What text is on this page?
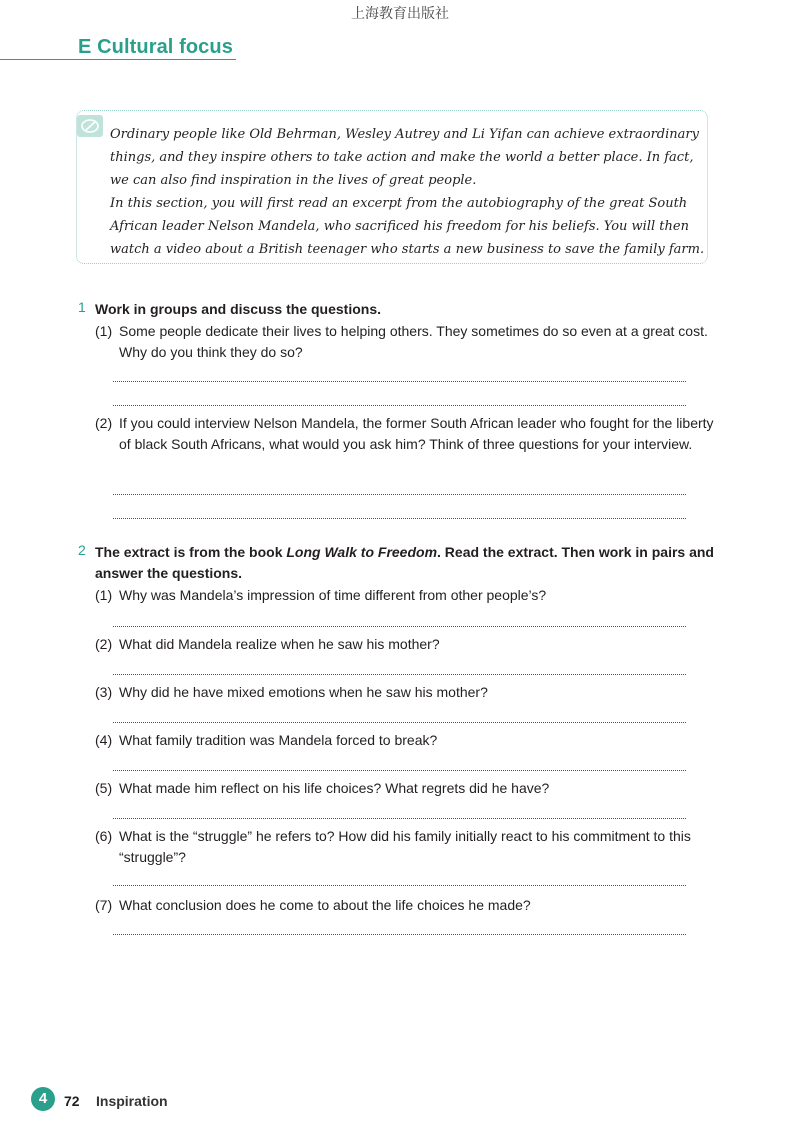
上海教育出版社
E Cultural focus

Ordinary people like Old Behrman, Wesley Autrey and Li Yifan can achieve extraordinary things, and they inspire others to take action and make the world a better place. In fact, we can also find inspiration in the lives of great people.

In this section, you will first read an excerpt from the autobiography of the great South African leader Nelson Mandela, who sacrificed his freedom for his beliefs. You will then watch a video about a British teenager who starts a new business to save the family farm.

1 Work in groups and discuss the questions.
(1) Some people dedicate their lives to helping others. They sometimes do so even at a great cost. Why do you think they do so?
(2) If you could interview Nelson Mandela, the former South African leader who fought for the liberty of black South Africans, what would you ask him? Think of three questions for your interview.
2 The extract is from the book Long Walk to Freedom. Read the extract. Then work in pairs and answer the questions.
(1) Why was Mandela’s impression of time different from other people’s?
(2) What did Mandela realize when he saw his mother?
(3) Why did he have mixed emotions when he saw his mother?
(4) What family tradition was Mandela forced to break?
(5) What made him reflect on his life choices? What regrets did he have?
(6) What is the “struggle” he refers to? How did his family initially react to his commitment to this “struggle”?
(7) What conclusion does he come to about the life choices he made?
4	72 Inspiration
